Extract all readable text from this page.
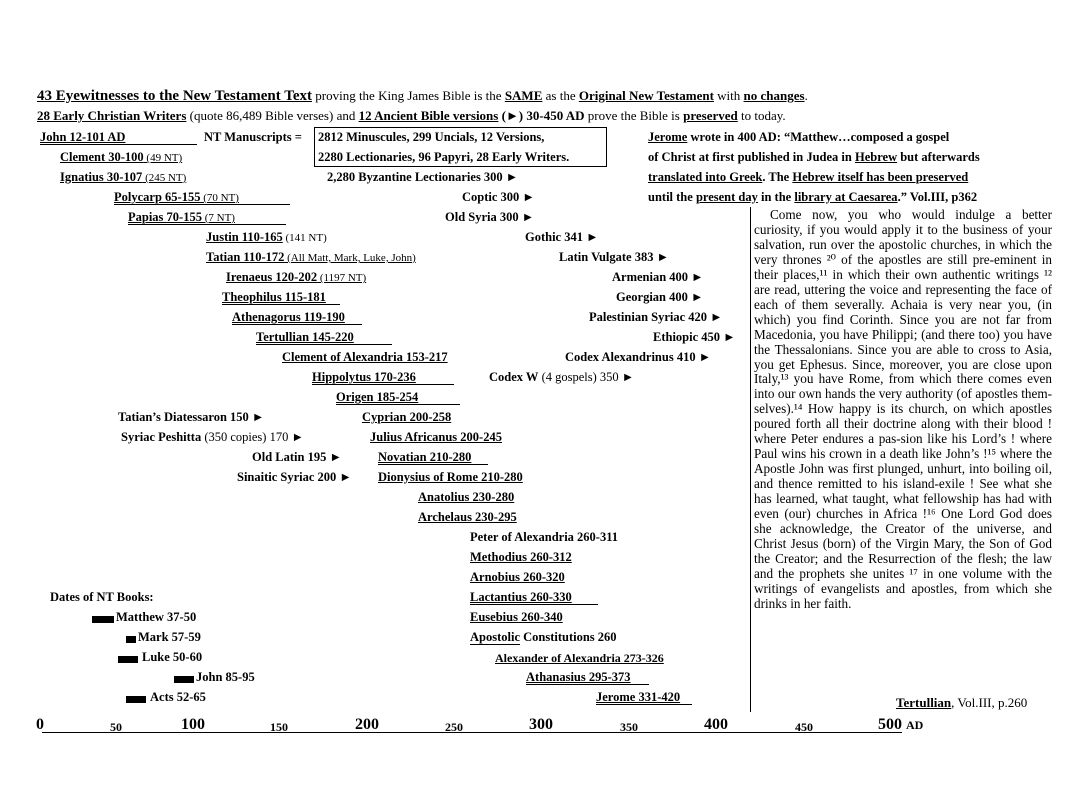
43 Eyewitnesses to the New Testament Text proving the King James Bible is the SAME as the Original New Testament with no changes.
28 Early Christian Writers (quote 86,489 Bible verses) and 12 Ancient Bible versions (►) 30-450 AD prove the Bible is preserved to today.
NT Manuscripts = 2812 Minuscules, 299 Uncials, 12 Versions,
2280 Lectionaries, 96 Papyri, 28 Early Writers.
2,280 Byzantine Lectionaries 300 ►
Jerome wrote in 400 AD: “Matthew…composed a gospel
of Christ at first published in Judea in Hebrew but afterwards
translated into Greek. The Hebrew itself has been preserved
until the present day in the library at Caesarea.” Vol.III, p362
John 12-101 AD
Clement 30-100 (49 NT)
Ignatius 30-107 (245 NT)
Polycarp 65-155 (70 NT)
Papias 70-155 (7 NT)
Justin 110-165 (141 NT)
Tatian 110-172 (All Matt, Mark, Luke, John)
Irenaeus 120-202 (1197 NT)
Theophilus 115-181
Athenagorus 119-190
Tertullian 145-220
Clement of Alexandria 153-217
Hippolytus 170-236
Origen 185-254
Cyprian 200-258
Julius Africanus 200-245
Novatian 210-280
Dionysius of Rome 210-280
Anatolius 230-280
Archelaus 230-295
Peter of Alexandria 260-311
Methodius 260-312
Arnobius 260-320
Lactantius 260-330
Eusebius 260-340
Apostolic Constitutions 260
Alexander of Alexandria 273-326
Athanasius 295-373
Jerome 331-420
Coptic 300 ►
Old Syria 300 ►
Gothic 341 ►
Latin Vulgate 383 ►
Armenian 400 ►
Georgian 400 ►
Palestinian Syriac 420 ►
Ethiopic 450 ►
Codex Alexandrinus 410 ►
Codex W (4 gospels) 350 ►
Tatian’s Diatessaron 150 ►
Syriac Peshitta (350 copies) 170 ►
Old Latin 195 ►
Sinaitic Syriac 200 ►
Dates of NT Books:
Matthew 37-50
Mark 57-59
Luke 50-60
John 85-95
Acts 52-65
0	50	100	150	200	250	300	350	400	450	500 AD

Come now, you who would indulge a better curiosity, if you would apply it to the business of your salvation, run over the apostolic churches, in which the very thrones ²⁰ of the apostles are still pre-eminent in their places,¹¹ in which their own authentic writings ¹² are read, uttering the voice and representing the face of each of them severally. Achaia is very near you, (in which) you find Corinth. Since you are not far from Macedonia, you have Philippi; (and there too) you have the Thessalonians. Since you are able to cross to Asia, you get Ephesus. Since, moreover, you are close upon Italy,¹³ you have Rome, from which there comes even into our own hands the very authority (of apostles them-selves).¹⁴ How happy is its church, on which apostles poured forth all their doctrine along with their blood ! where Peter endures a pas-sion like his Lord’s ! where Paul wins his crown in a death like John’s !¹⁵ where the Apostle John was first plunged, unhurt, into boiling oil, and thence remitted to his island-exile ! See what she has learned, what taught, what fellowship has had with even (our) churches in Africa !¹⁶ One Lord God does she acknowledge, the Creator of the universe, and Christ Jesus (born) of the Virgin Mary, the Son of God the Creator; and the Resurrection of the flesh; the law and the prophets she unites ¹⁷ in one volume with the writings of evangelists and apostles, from which she drinks in her faith.

Tertullian, Vol.III, p.260
